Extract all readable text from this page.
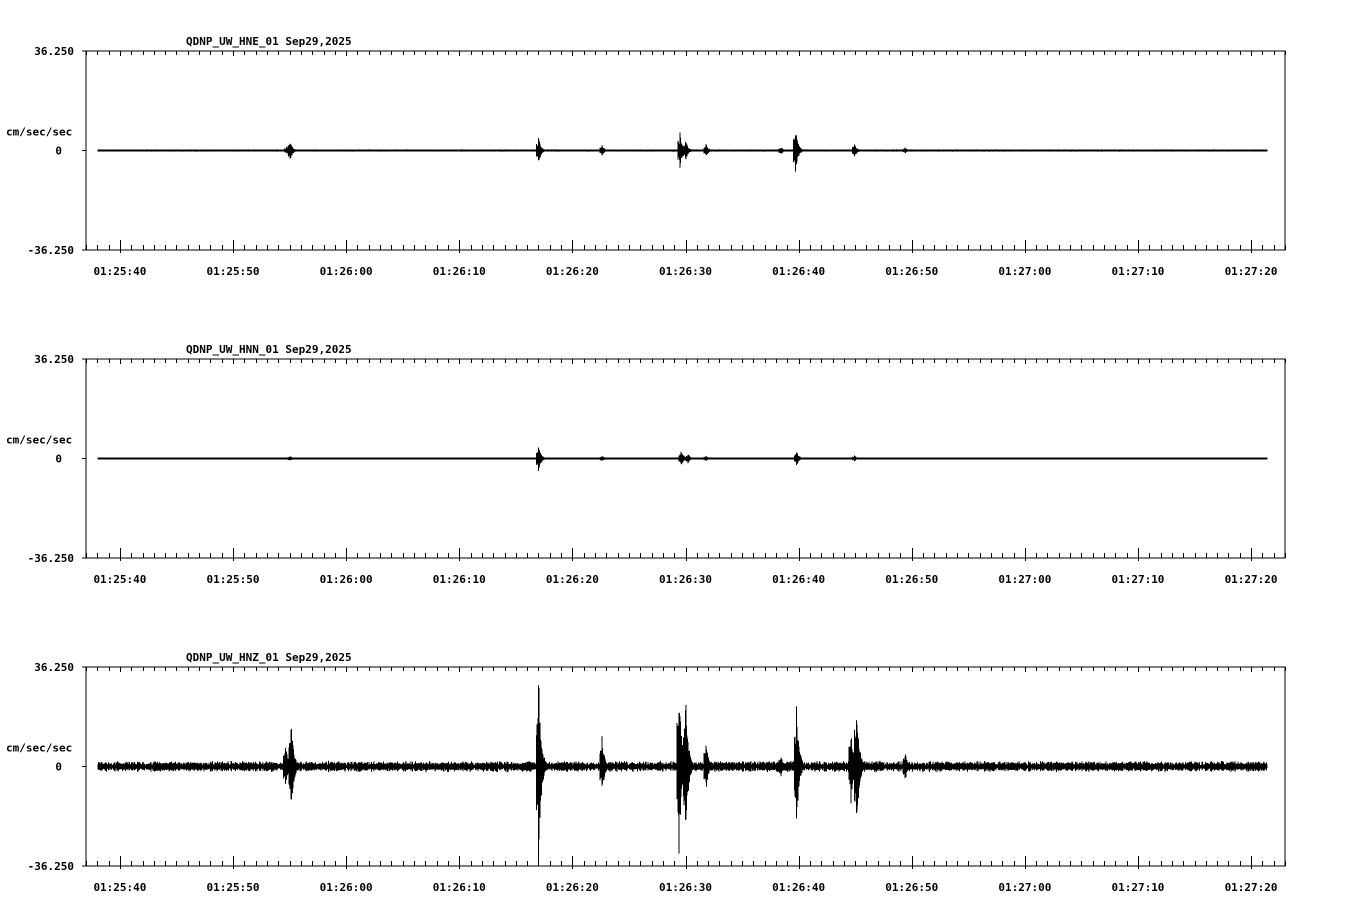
QDNP_UW_HNE_01 Sep29,2025
36.250
0
-36.250
cm/sec/sec
01:25:40	01:25:50	01:26:00	01:26:10	01:26:20	01:26:30	01:26:40	01:26:50	01:27:00	01:27:10	01:27:20
QDNP_UW_HNN_01 Sep29,2025
36.250
0
-36.250
cm/sec/sec
01:25:40	01:25:50	01:26:00	01:26:10	01:26:20	01:26:30	01:26:40	01:26:50	01:27:00	01:27:10	01:27:20
QDNP_UW_HNZ_01 Sep29,2025
36.250
0
-36.250
cm/sec/sec
01:25:40	01:25:50	01:26:00	01:26:10	01:26:20	01:26:30	01:26:40	01:26:50	01:27:00	01:27:10	01:27:20
